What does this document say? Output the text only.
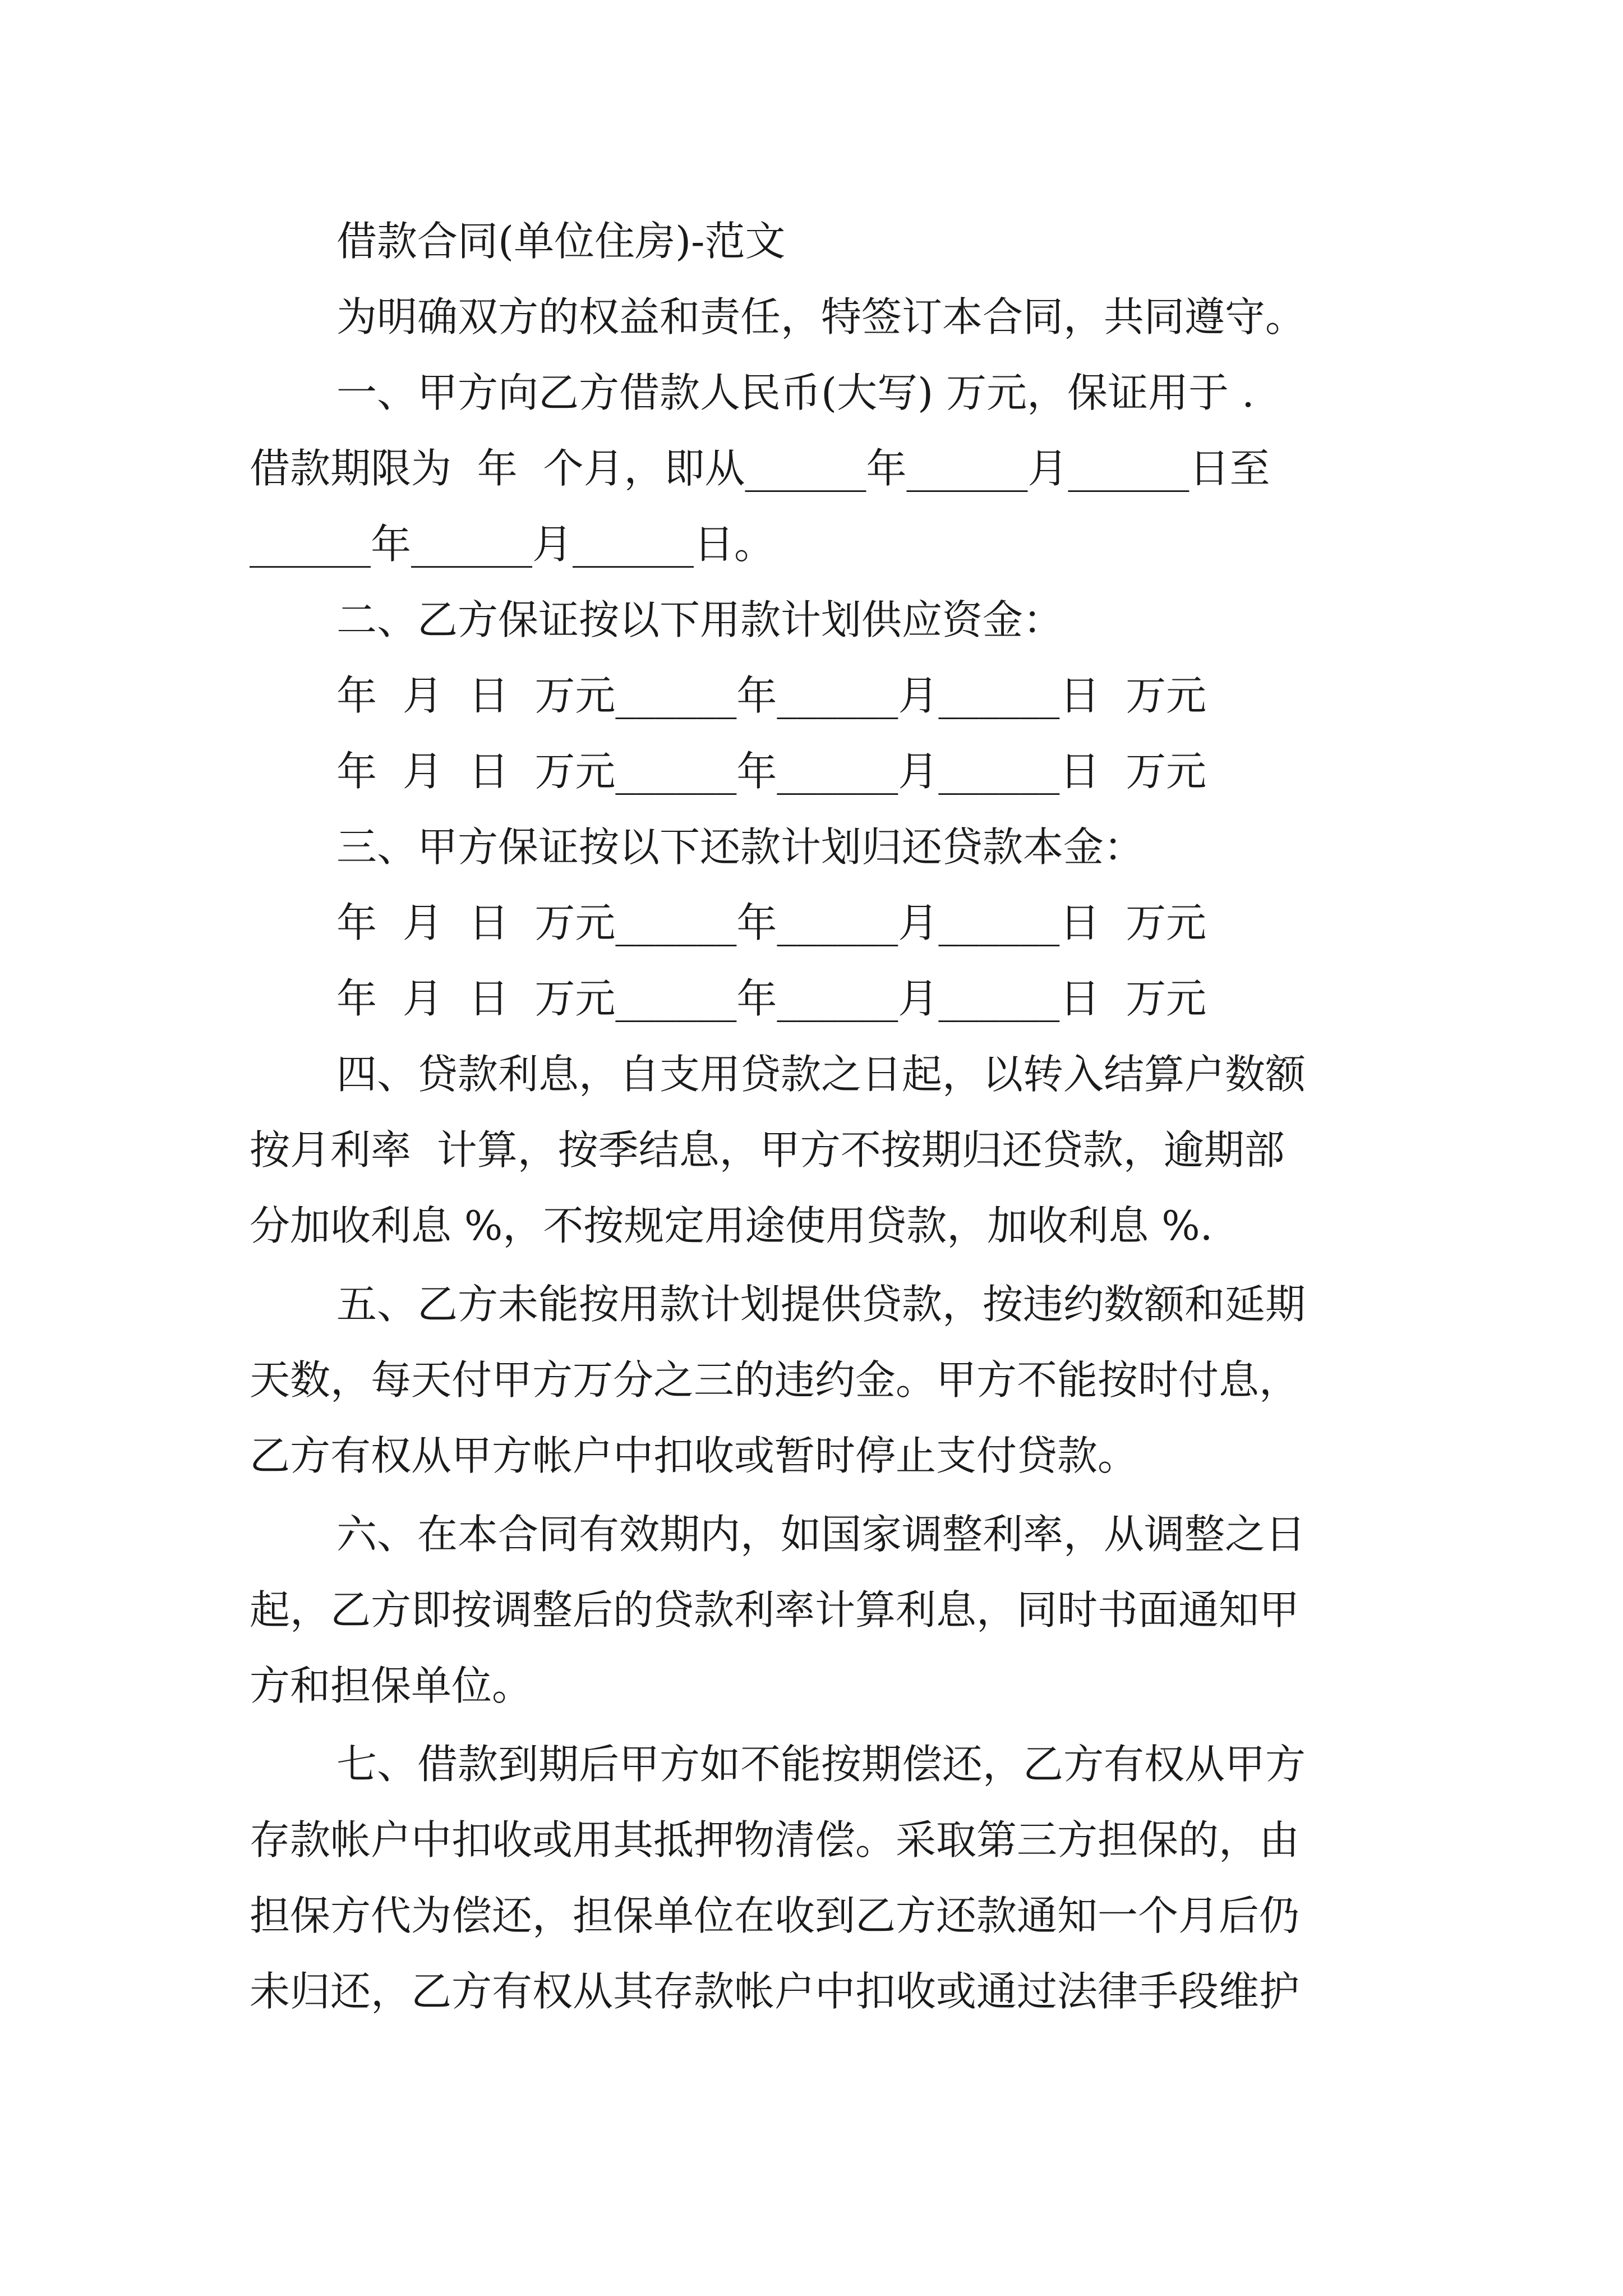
借款合同(单位住房)-范文
为明确双方的权益和责任，特签订本合同，共同遵守。
一、甲方向乙方借款人民币(大写) 万元，保证用于 .
借款期限为  年  个月，即从______年______月______日至
______年______月______日。
二、乙方保证按以下用款计划供应资金：
年  月  日  万元______年______月______日  万元
年  月  日  万元______年______月______日  万元
三、甲方保证按以下还款计划归还贷款本金：
年  月  日  万元______年______月______日  万元
年  月  日  万元______年______月______日  万元
四、贷款利息，自支用贷款之日起，以转入结算户数额
按月利率  计算，按季结息，甲方不按期归还贷款，逾期部
分加收利息 %，不按规定用途使用贷款，加收利息 %.
五、乙方未能按用款计划提供贷款，按违约数额和延期
天数，每天付甲方万分之三的违约金。甲方不能按时付息，
乙方有权从甲方帐户中扣收或暂时停止支付贷款。
六、在本合同有效期内，如国家调整利率，从调整之日
起，乙方即按调整后的贷款利率计算利息，同时书面通知甲
方和担保单位。
七、借款到期后甲方如不能按期偿还，乙方有权从甲方
存款帐户中扣收或用其抵押物清偿。采取第三方担保的，由
担保方代为偿还，担保单位在收到乙方还款通知一个月后仍
未归还，乙方有权从其存款帐户中扣收或通过法律手段维护
